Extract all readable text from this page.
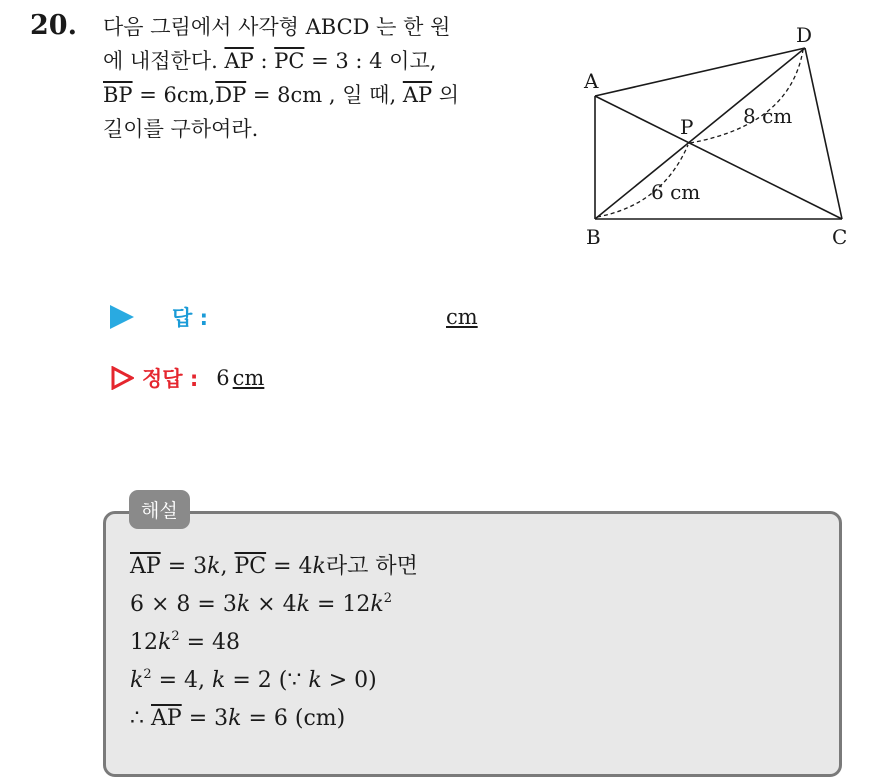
20. 다음 그림에서 사각형 ABCD 는 한 원
에 내접한다. $\overline{AP}$ : $\overline{PC} = 3$ : 4 이고,
$\overline{BP} = 6cm,\overline{DP} = 8cm$ , 일 때, $\overline{AP}$ 의
길이를 구하여라.
A
B	C
D
P
6 cm
8 cm
답 :	cm
정답 : 6 cm
해설
$\overline{AP} = 3k$, $\overline{PC} = 4k$라고 하면
$6 \times 8 = 3k \times 4k = 12k^2$
$12k^2 = 48$
$k^2 = 4$, k = 2 (∵ k > 0)
∴ $\overline{AP} = 3k = 6$ (cm)
